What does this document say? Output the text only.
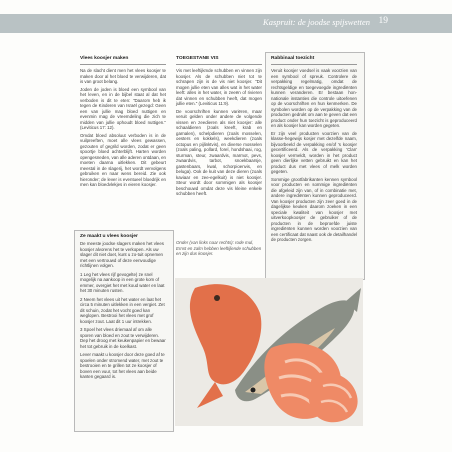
Kaspruit: de joodse spijswetten 19
Vlees koosjer maken

Na de slacht dient men het vlees koosjer te maken door al het bloed te verwijderen, dat is van groot belang.

Joden de joden is bloed een symbool van het leven, en in de bijbel staat al dat het verboden is dit te eten: "Daarom heb ik tegen de Kinderen van Israël gezegd: Geen een van jullie mag bloed nuttigen en evenmin mag de vreemdeling die zich te midden van jullie ophoudt bloed nuttigen." (Leviticus 17: 12).

Omdat bloed absoluut verboden is in de vuilpreeften, moet alle vlees gewassen, gezouten of gegrild worden, zodat er geen spoortje bloed achterblijft. Harten worden opengesneden, van alle aderen ontdaan, en moeten daarna uitlekken. Dit gebeurt meestal in de slagerij, het wordt vervolgens gebruiken en naar wens bereid. Zie ook hieronder; de lever is eventueel bloedrijk en men kan bloedvlekjes in eieren koosjer.

Ze maakt u vlees koosjer

De meeste joodse slagers maken het vlees koosjer alvorens het te verkopen. Als uw slager dit niet doet, kunt u zo-tuit opnemen met een vertrouwd of deze eenvoudige richtlijnen volgen.

1 Leg het vlees rijf gevogelte) ze snel mogelijk na aankoop in een grote kom of emmer, overgiet het met koud water en laat het 30 minuten rusten.

2 Neem het vlees uit het water en laat het circa 5 minuten uitlekken in een vergiet. Zet dit schuin, zodat het vocht goed kan weglopen. Bestrooi het vlees met grof koosjer zout. Laat dit 1 uur intrekken.

3 Spoel het vlees driemaal af om alle sporen van bloed en zout te verwijderen. Dep het droog met keukenpapier en bewaar het tot gebruik in de koelkast.

Lever maakt u koosjer door deze goed af te spoelen onder stromend water, met zout te bestrooien en te grillen tot ze koosjer of boven een vuur, tot het vlees aan beide kanten gegaard is.

TOEGESTANE VIS

Vis met leeftijkmde schubben en vinnen zijn koosjer. Als de schubben niet tot te schrapen zijn is de vis niet koosjer. "Dit mogen jullie eten van alles wat in het water leeft: alles in het water, in zeeën of rivieren dat vinnen en schubben heeft, dat mogen jullie eten." (Leviticus 11:9).

De voorschriften kunnen variëren, maar veruit gelden onder andere de volgende vissen en zeedieren als niet koosjer: alle schaaldieren (zoals kreeft, krab en garnalen), schelpdieren (zoals mosselen, oesters en kokkels), weekdieren (zoals octopus en pijlinktvis), en diverse mosselen (zoals paling, pollard, forel, hondshaai, rog, sturman, steur, zwaardvis, marmot, pevs, zwaardvis, tarbot, snoekbaarsje, gastenbaars, kwal, schorpioenvis, en beluga). Ook de kuit van deze dieren (zoals kaviaar en zee-egelkuit) is niet koosjer. Steur wordt door sommigen als koosjer beschouwd omdat deze vis kleine enkele schubben heeft.

Onder (van links naar rechts): rode mul, Ernst en zalm hebben leeftijlende schubben en zijn dus koosjer.
Rabbinaal toezicht

Veruit koosjer voedsel is vaak voorzien van een symbool of spreuk. Controlere de verpakking regelmatig, omdat de rechtsgeldige en toegevoegde ingrediënten kunnen veranderen. Er bestaan hon-nationale instanties die controle uitoefenen op de voorschriften en hun kenmerken. De symbolen worden op de verpakking van de producten gedrukt om aan te geven dat een product onder hun toezicht is geproduceerd en als koosjer kan worden gegeten.

Er zijn veel producten voorzien van de klasse-hegewijs kosjer met dezelfde naam, bijvoorbeeld de verpakking en/of 's koosjer gecertificeerd. Als de verpakking 'Clan' koosjer vermeldt, worden in het product geen dierlijke vetten gebruikt en kan het product dus met vlees of melk worden gegeten.

Sommige grootfabrikanten kennen symbool voor producten en sommige ingrediënten die afgeleid zijn van, of in combinatie met, andere ingrediënten kunnen geproduceerd. Van koosjer producten zijn zeer goed in de dagelijkse keuken daarom zoeken in een speciale kwaliteit van koosjer met uitverkoopkoosjer de gebruiker of de producten in de beproefde juiste ingrediënten kunnen worden voorzien van een certificaat dat naast ook de detailhandel de producten zorgen.
